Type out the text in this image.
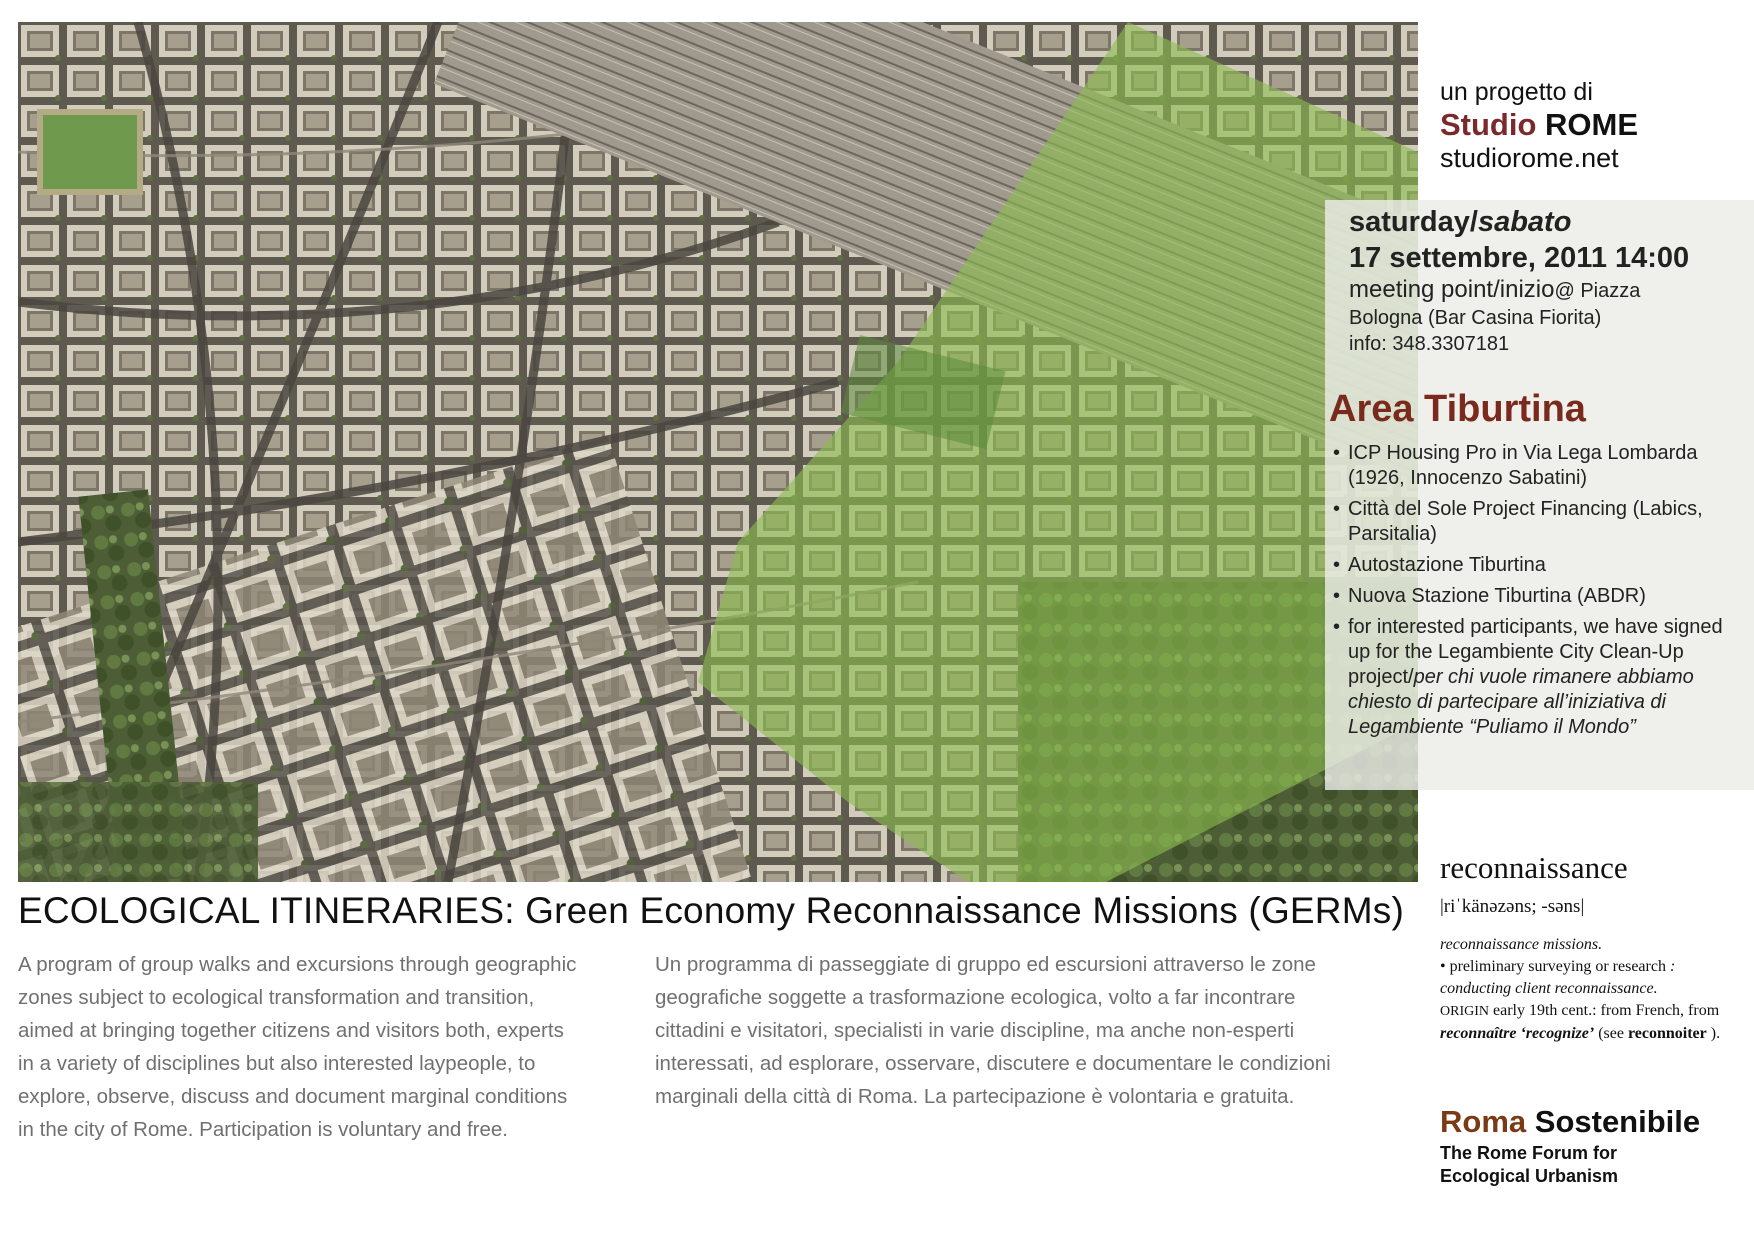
saturday/sabato

17 settembre, 2011 14:00

meeting point/inizio@ Piazza

Bologna (Bar Casina Fiorita)

info: 348.3307181

Area Tiburtina
• ICP Housing Pro in Via Lega Lombarda (1926, Innocenzo Sabatini)
• Città del Sole Project Financing (Labics, Parsitalia)
• Autostazione Tiburtina
• Nuova Stazione Tiburtina (ABDR)
• for interested participants, we have signed up for the Legambiente City Clean-Up project/per chi vuole rimanere abbiamo chiesto di partecipare all’iniziativa di Legambiente “Puliamo il Mondo”

un progetto di

Studio ROME

studiorome.net

ECOLOGICAL ITINERARIES: Green Economy Reconnaissance Missions (GERMs)

A program of group walks and excursions through geographic zones subject to ecological transformation and transition, aimed at bringing together citizens and visitors both, experts in a variety of disciplines but also interested laypeople, to explore, observe, discuss and document marginal conditions in the city of Rome. Participation is voluntary and free.

Un programma di passeggiate di gruppo ed escursioni attraverso le zone geografiche soggette a trasformazione ecologica, volto a far incontrare cittadini e visitatori, specialisti in varie discipline, ma anche non-esperti interessati, ad esplorare, osservare, discutere e documentare le condizioni marginali della città di Roma. La partecipazione è volontaria e gratuita.

reconnaissance

|riˈkänəzəns; -səns|

reconnaissance missions.
• preliminary surveying or research : conducting client reconnaissance.
ORIGIN early 19th cent.: from French, from reconnaître ‘recognize’ (see reconnoiter ).

Roma Sostenibile

The Rome Forum for

Ecological Urbanism
